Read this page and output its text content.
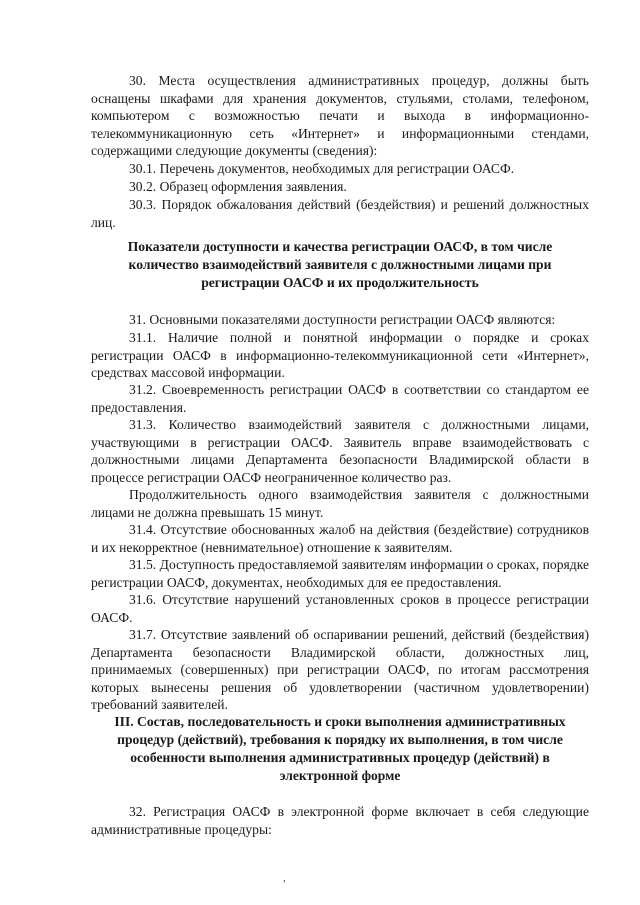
30. Места осуществления административных процедур, должны быть оснащены шкафами для хранения документов, стульями, столами, телефоном, компьютером с возможностью печати и выхода в информационно-телекоммуникационную сеть «Интернет» и информационными стендами, содержащими следующие документы (сведения):

30.1. Перечень документов, необходимых для регистрации ОАСФ.

30.2. Образец оформления заявления.

30.3. Порядок обжалования действий (бездействия) и решений должностных лиц.

Показатели доступности и качества регистрации ОАСФ, в том числе количество взаимодействий заявителя с должностными лицами при регистрации ОАСФ и их продолжительность

31. Основными показателями доступности регистрации ОАСФ являются:

31.1. Наличие полной и понятной информации о порядке и сроках регистрации ОАСФ в информационно-телекоммуникационной сети «Интернет», средствах массовой информации.

31.2. Своевременность регистрации ОАСФ в соответствии со стандартом ее предоставления.

31.3. Количество взаимодействий заявителя с должностными лицами, участвующими в регистрации ОАСФ. Заявитель вправе взаимодействовать с должностными лицами Департамента безопасности Владимирской области в процессе регистрации ОАСФ неограниченное количество раз.

Продолжительность одного взаимодействия заявителя с должностными лицами не должна превышать 15 минут.

31.4. Отсутствие обоснованных жалоб на действия (бездействие) сотрудников и их некорректное (невнимательное) отношение к заявителям.

31.5. Доступность предоставляемой заявителям информации о сроках, порядке регистрации ОАСФ, документах, необходимых для ее предоставления.

31.6. Отсутствие нарушений установленных сроков в процессе регистрации ОАСФ.

31.7. Отсутствие заявлений об оспаривании решений, действий (бездействия) Департамента безопасности Владимирской области, должностных лиц, принимаемых (совершенных) при регистрации ОАСФ, по итогам рассмотрения которых вынесены решения об удовлетворении (частичном удовлетворении) требований заявителей.

III. Состав, последовательность и сроки выполнения административных процедур (действий), требования к порядку их выполнения, в том числе особенности выполнения административных процедур (действий) в электронной форме

32. Регистрация ОАСФ в электронной форме включает в себя следующие административные процедуры:

,
